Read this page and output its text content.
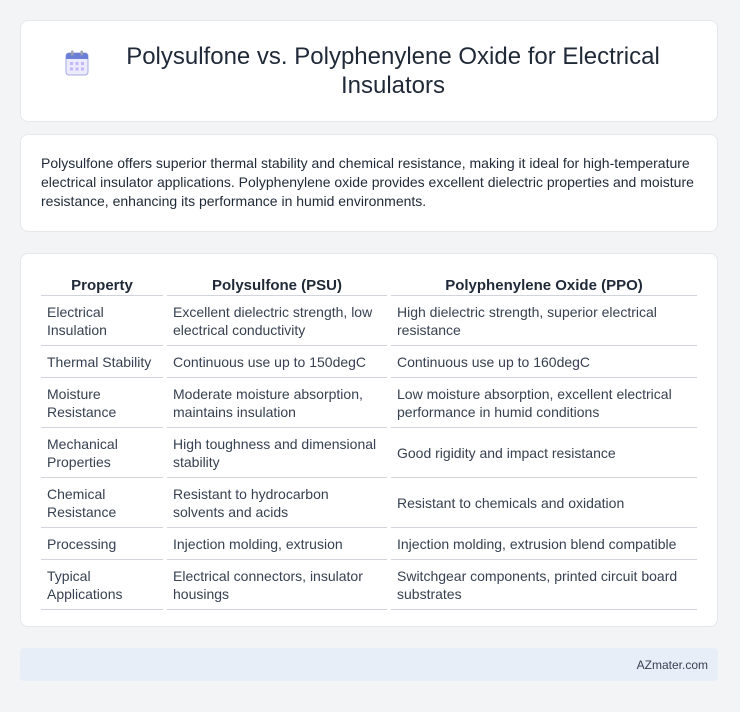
Polysulfone vs. Polyphenylene Oxide for Electrical Insulators

Polysulfone offers superior thermal stability and chemical resistance, making it ideal for high-temperature electrical insulator applications. Polyphenylene oxide provides excellent dielectric properties and moisture resistance, enhancing its performance in humid environments.

Property	Polysulfone (PSU)	Polyphenylene Oxide (PPO)
Electrical Insulation	Excellent dielectric strength, low electrical conductivity	High dielectric strength, superior electrical resistance
Thermal Stability	Continuous use up to 150degC	Continuous use up to 160degC
Moisture Resistance	Moderate moisture absorption, maintains insulation	Low moisture absorption, excellent electrical performance in humid conditions
Mechanical Properties	High toughness and dimensional stability	Good rigidity and impact resistance
Chemical Resistance	Resistant to hydrocarbon solvents and acids	Resistant to chemicals and oxidation
Processing	Injection molding, extrusion	Injection molding, extrusion blend compatible
Typical Applications	Electrical connectors, insulator housings	Switchgear components, printed circuit board substrates
AZmater.com
